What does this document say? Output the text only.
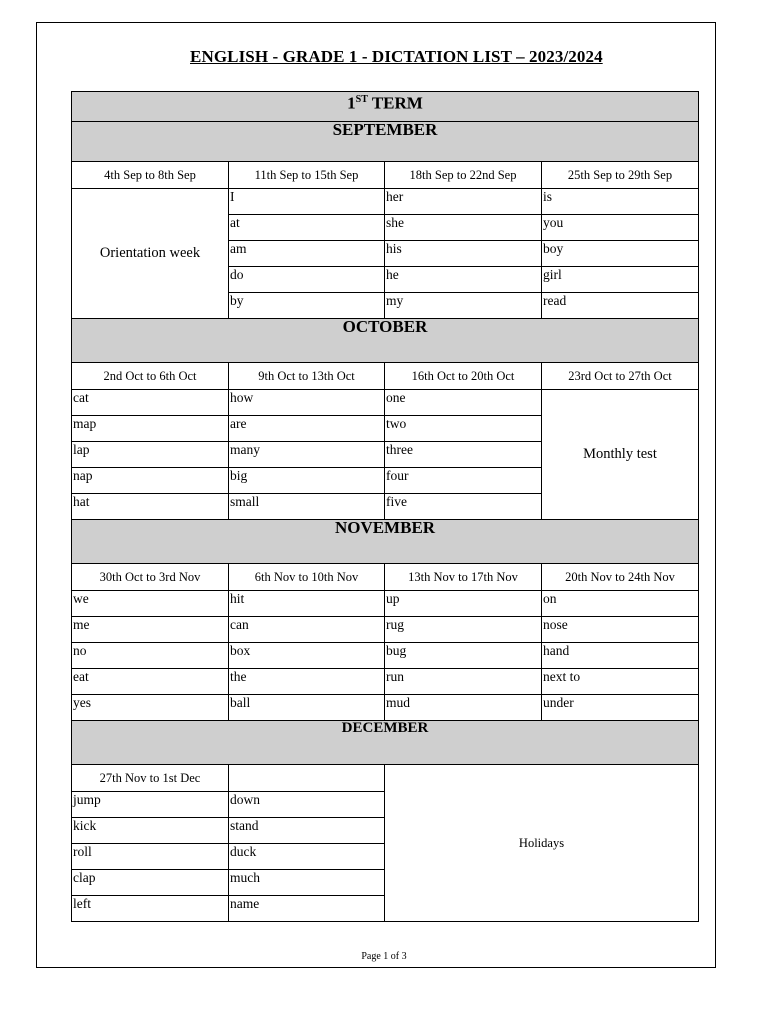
ENGLISH - GRADE 1 - DICTATION LIST – 2023/2024
1ST TERM			
SEPTEMBER			
4th Sep to 8th Sep	11th Sep to 15th Sep	18th Sep to 22nd Sep	25th Sep to 29th Sep
Orientation week	I	her	is
	at	she	you
	am	his	boy
	do	he	girl
	by	my	read
OCTOBER			
2nd Oct to 6th Oct	9th Oct to 13th Oct	16th Oct to 20th Oct	23rd Oct to 27th Oct
cat	how	one	Monthly test
map	are	two	
lap	many	three	
nap	big	four	
hat	small	five	
NOVEMBER			
30th Oct to 3rd Nov	6th Nov to 10th Nov	13th Nov to 17th Nov	20th Nov to 24th Nov
we	hit	up	on
me	can	rug	nose
no	box	bug	hand
eat	the	run	next to
yes	ball	mud	under
DECEMBER			
27th Nov to 1st Dec		Holidays	
jump	down		
kick	stand		
roll	duck		
clap	much		
left	name		
Page 1 of 3
